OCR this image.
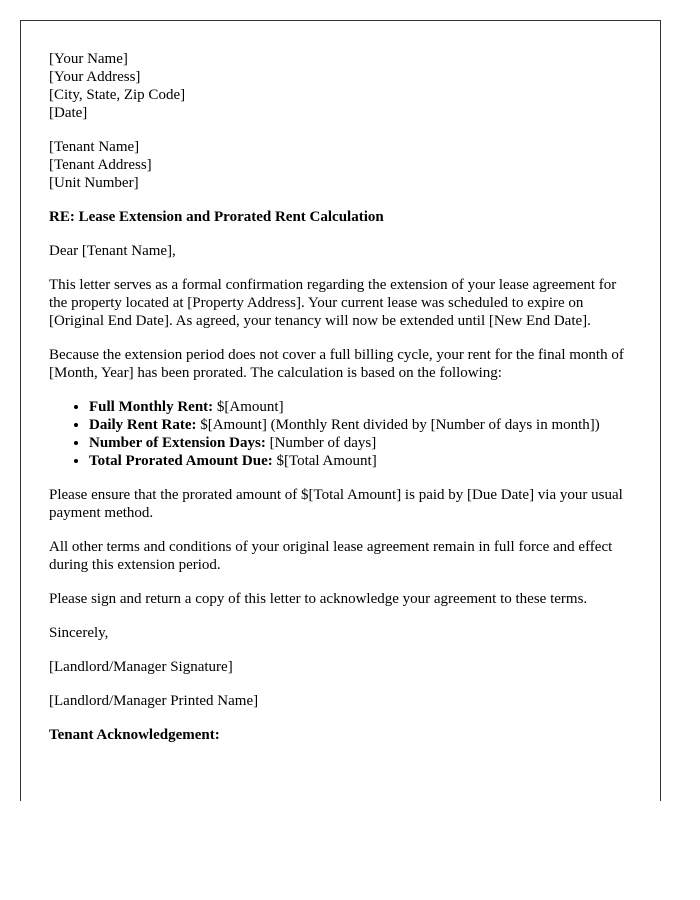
[Your Name]
[Your Address]
[City, State, Zip Code]
[Date]
[Tenant Name]
[Tenant Address]
[Unit Number]

RE: Lease Extension and Prorated Rent Calculation

Dear [Tenant Name],

This letter serves as a formal confirmation regarding the extension of your lease agreement for the property located at [Property Address]. Your current lease was scheduled to expire on [Original End Date]. As agreed, your tenancy will now be extended until [New End Date].

Because the extension period does not cover a full billing cycle, your rent for the final month of [Month, Year] has been prorated. The calculation is based on the following:

• Full Monthly Rent: $[Amount]
• Daily Rent Rate: $[Amount] (Monthly Rent divided by [Number of days in month])
• Number of Extension Days: [Number of days]
• Total Prorated Amount Due: $[Total Amount]

Please ensure that the prorated amount of $[Total Amount] is paid by [Due Date] via your usual payment method.

All other terms and conditions of your original lease agreement remain in full force and effect during this extension period.

Please sign and return a copy of this letter to acknowledge your agreement to these terms.

Sincerely,

[Landlord/Manager Signature]

[Landlord/Manager Printed Name]

Tenant Acknowledgement:
